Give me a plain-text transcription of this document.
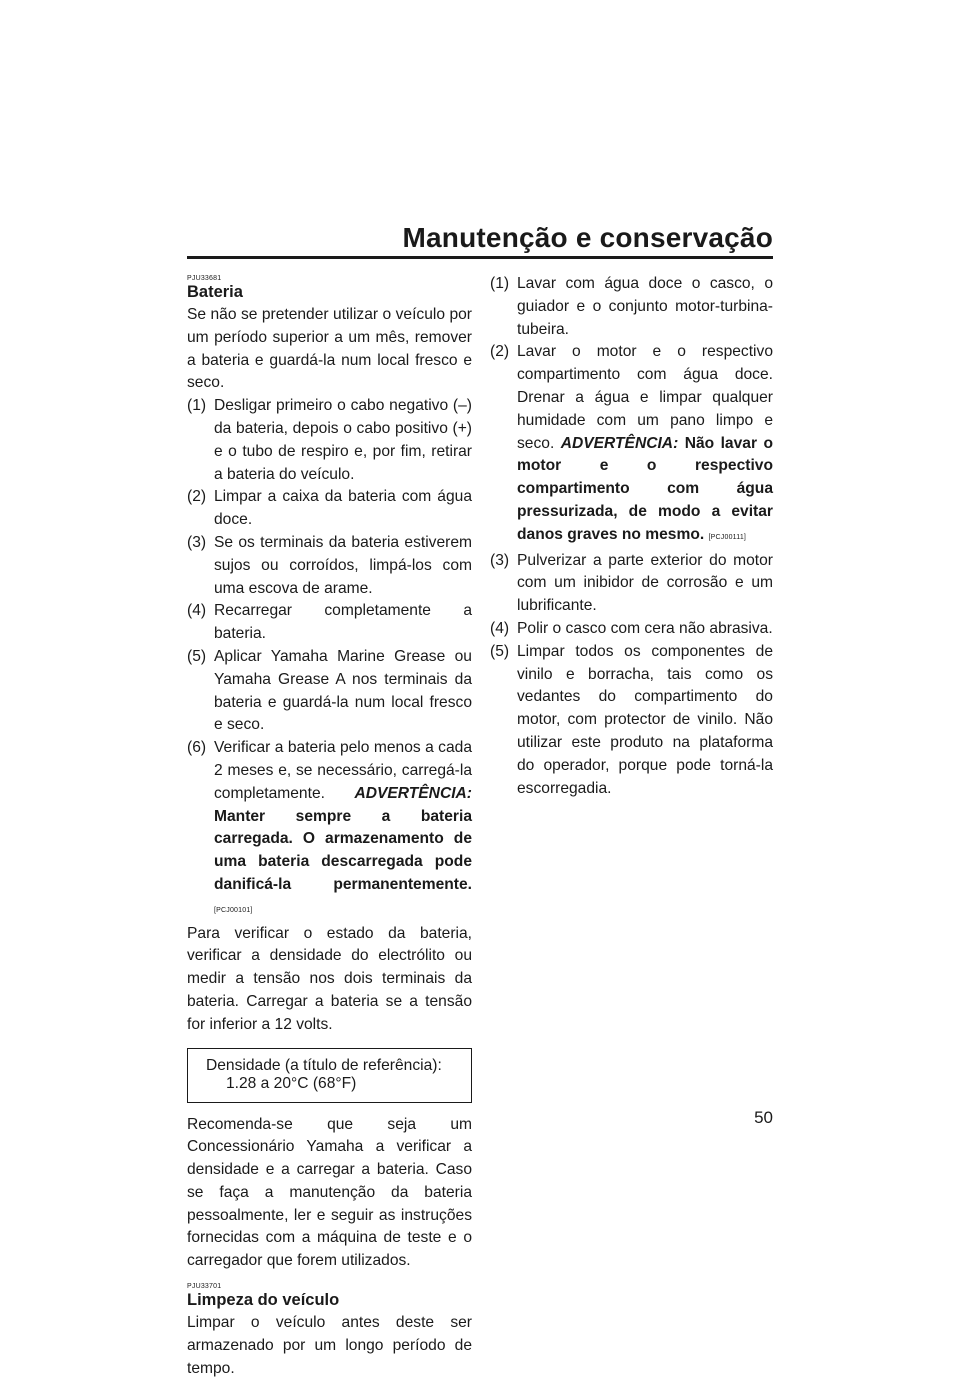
Manutenção e conservação
PJU33681
Bateria

Se não se pretender utilizar o veículo por um período superior a um mês, remover a bateria e guardá-la num local fresco e seco.

(1) Desligar primeiro o cabo negativo (–) da bateria, depois o cabo positivo (+) e o tubo de respiro e, por fim, retirar a bateria do veículo.
(2) Limpar a caixa da bateria com água doce.
(3) Se os terminais da bateria estiverem sujos ou corroídos, limpá-los com uma escova de arame.
(4) Recarregar completamente a bateria.
(5) Aplicar Yamaha Marine Grease ou Yamaha Grease A nos terminais da bateria e guardá-la num local fresco e seco.
(6) Verificar a bateria pelo menos a cada 2 meses e, se necessário, carregá-la completamente. ADVERTÊNCIA: Manter sempre a bateria carregada. O armazenamento de uma bateria descarregada pode danificá-la permanentemente. [PCJ00101]

Para verificar o estado da bateria, verificar a densidade do electrólito ou medir a tensão nos dois terminais da bateria. Carregar a bateria se a tensão for inferior a 12 volts.

Densidade (a título de referência):
1.28 a 20°C (68°F)

Recomenda-se que seja um Concessionário Yamaha a verificar a densidade e a carregar a bateria. Caso se faça a manutenção da bateria pessoalmente, ler e seguir as instruções fornecidas com a máquina de teste e o carregador que forem utilizados.

PJU33701
Limpeza do veículo

Limpar o veículo antes deste ser armazenado por um longo período de tempo.

(1) Lavar com água doce o casco, o guiador e o conjunto motor-turbina-tubeira.
(2) Lavar o motor e o respectivo compartimento com água doce. Drenar a água e limpar qualquer humidade com um pano limpo e seco. ADVERTÊNCIA: Não lavar o motor e o respectivo compartimento com água pressurizada, de modo a evitar danos graves no mesmo. [PCJ00111]
(3) Pulverizar a parte exterior do motor com um inibidor de corrosão e um lubrificante.
(4) Polir o casco com cera não abrasiva.
(5) Limpar todos os componentes de vinilo e borracha, tais como os vedantes do compartimento do motor, com protector de vinilo. Não utilizar este produto na plataforma do operador, porque pode torná-la escorregadia.
50
